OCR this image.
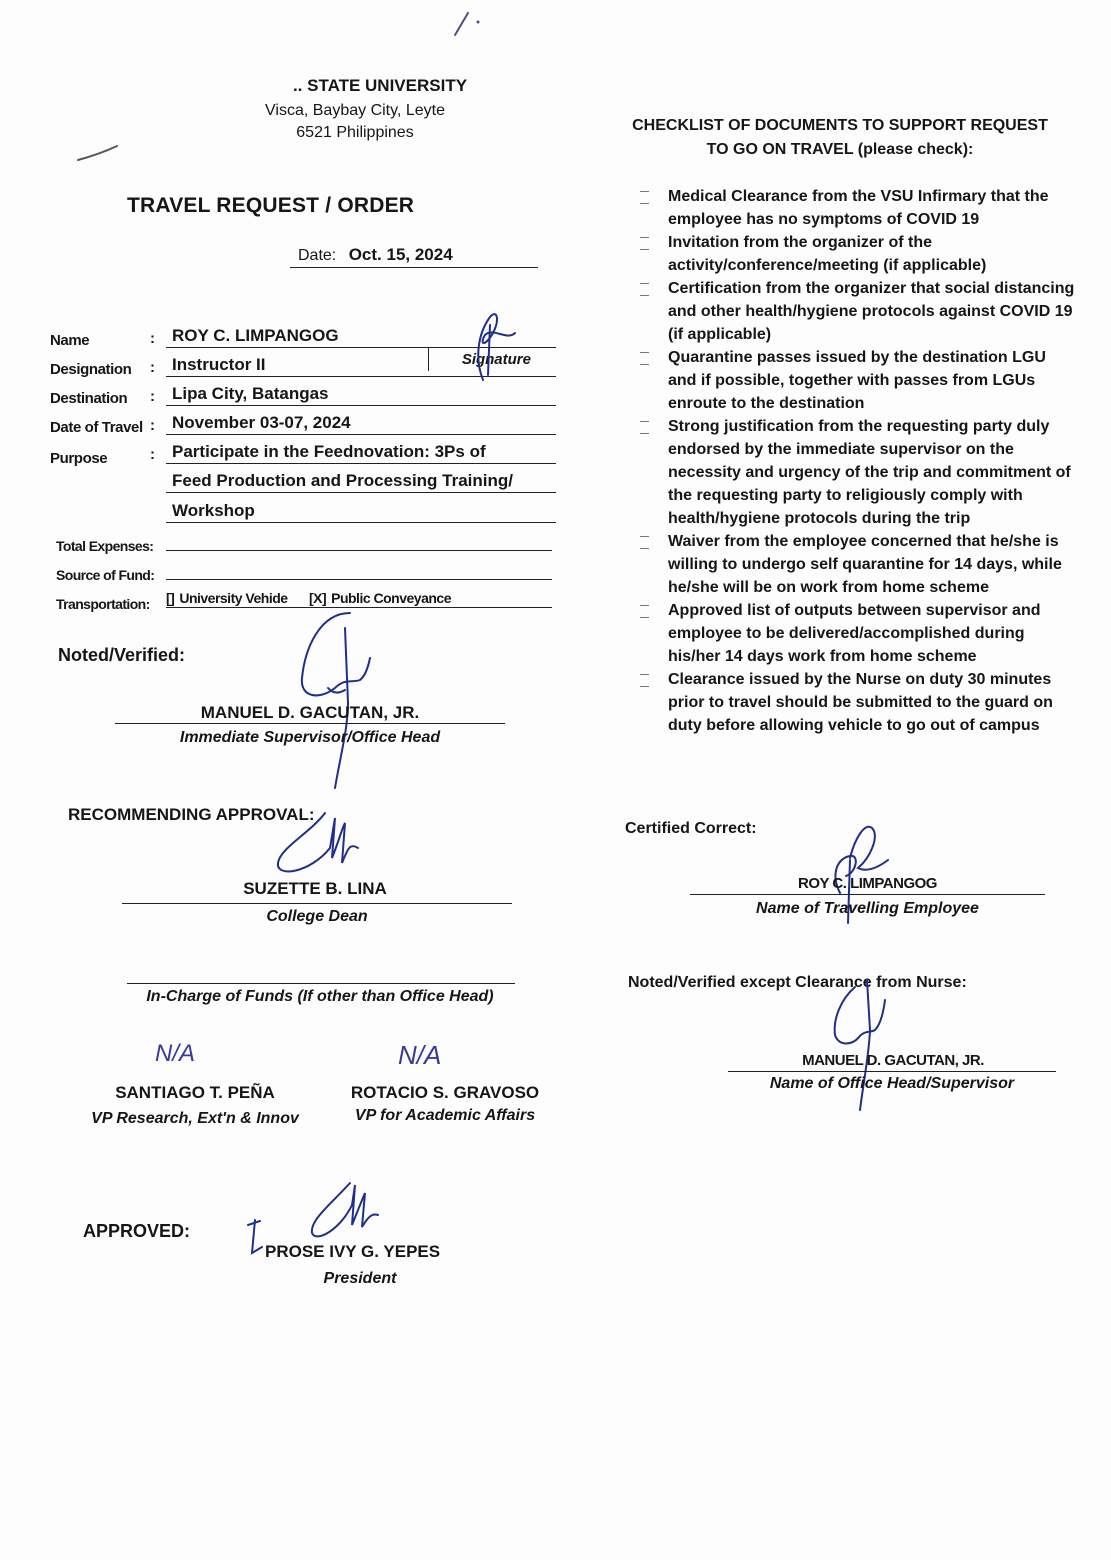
.. STATE UNIVERSITY
Visca, Baybay City, Leyte
6521 Philippines
TRAVEL REQUEST / ORDER
Date: Oct. 15, 2024
Name	:	ROY C. LIMPANGOG
Designation :	Instructor II	Signature
Destination :	Lipa City, Batangas
Date of Travel :	November 03-07, 2024
Purpose	:	Participate in the Feednovation: 3Ps of
Feed Production and Processing Training/
Workshop
Total Expenses:
Source of Fund:
Transportation: [] University Vehide [X] Public Conveyance
Noted/Verified:
MANUEL D. GACUTAN, JR.
Immediate Supervisor/Office Head
RECOMMENDING APPROVAL:
SUZETTE B. LINA
College Dean
In-Charge of Funds (If other than Office Head)
N/A
SANTIAGO T. PEÑA
VP Research, Ext'n & Innov
N/A
ROTACIO S. GRAVOSO
VP for Academic Affairs
APPROVED:
PROSE IVY G. YEPES
President
CHECKLIST OF DOCUMENTS TO SUPPORT REQUEST
TO GO ON TRAVEL (please check):
Medical Clearance from the VSU Infirmary that the employee has no symptoms of COVID 19
Invitation from the organizer of the activity/conference/meeting (if applicable)
Certification from the organizer that social distancing and other health/hygiene protocols against COVID 19 (if applicable)
Quarantine passes issued by the destination LGU and if possible, together with passes from LGUs enroute to the destination
Strong justification from the requesting party duly endorsed by the immediate supervisor on the necessity and urgency of the trip and commitment of the requesting party to religiously comply with health/hygiene protocols during the trip
Waiver from the employee concerned that he/she is willing to undergo self quarantine for 14 days, while he/she will be on work from home scheme
Approved list of outputs between supervisor and employee to be delivered/accomplished during his/her 14 days work from home scheme
Clearance issued by the Nurse on duty 30 minutes prior to travel should be submitted to the guard on duty before allowing vehicle to go out of campus
Certified Correct:
ROY C. LIMPANGOG
Name of Travelling Employee
Noted/Verified except Clearance from Nurse:
MANUEL D. GACUTAN, JR.
Name of Office Head/Supervisor
